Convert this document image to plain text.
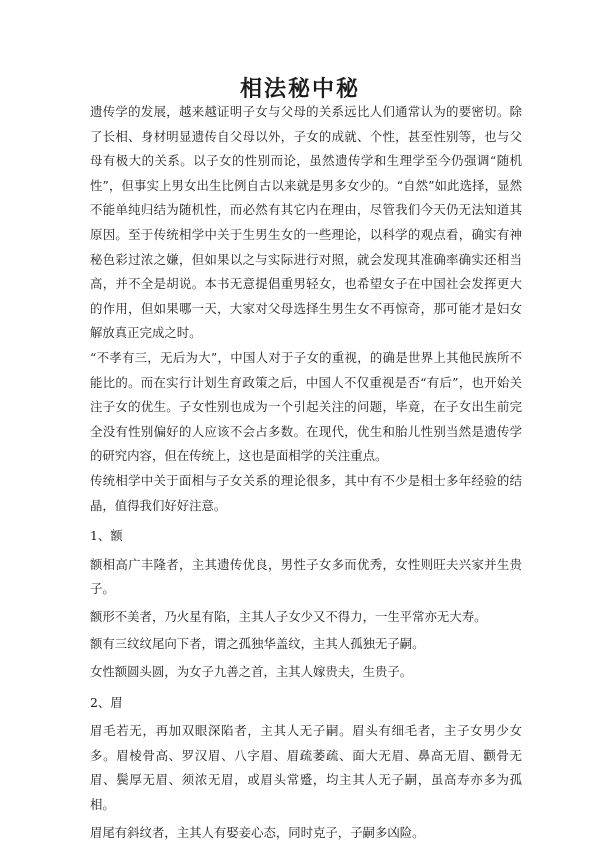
相法秘中秘

遗传学的发展，越来越证明子女与父母的关系远比人们通常认为的要密切。除了长相、身材明显遗传自父母以外，子女的成就、个性，甚至性别等，也与父母有极大的关系。以子女的性别而论，虽然遗传学和生理学至今仍强调“随机性”，但事实上男女出生比例自古以来就是男多女少的。“自然”如此选择，显然不能单纯归结为随机性，而必然有其它内在理由，尽管我们今天仍无法知道其原因。至于传统相学中关于生男生女的一些理论，以科学的观点看，确实有神秘色彩过浓之嫌，但如果以之与实际进行对照，就会发现其准确率确实还相当高，并不全是胡说。本书无意提倡重男轻女，也希望女子在中国社会发挥更大的作用，但如果哪一天，大家对父母选择生男生女不再惊奇，那可能才是妇女解放真正完成之时。

“不孝有三，无后为大”，中国人对于子女的重视，的确是世界上其他民族所不能比的。而在实行计划生育政策之后，中国人不仅重视是否“有后”，也开始关注子女的优生。子女性别也成为一个引起关注的问题，毕竟，在子女出生前完全没有性别偏好的人应该不会占多数。在现代，优生和胎儿性别当然是遗传学的研究内容，但在传统上，这也是面相学的关注重点。

传统相学中关于面相与子女关系的理论很多，其中有不少是相士多年经验的结晶，值得我们好好注意。

1、额

额相高广丰隆者，主其遗传优良，男性子女多而优秀，女性则旺夫兴家并生贵子。

额形不美者，乃火星有陷，主其人子女少又不得力，一生平常亦无大寿。

额有三纹纹尾向下者，谓之孤独华盖纹，主其人孤独无子嗣。

女性额圆头圆，为女子九善之首，主其人嫁贵夫，生贵子。

2、眉

眉毛若无，再加双眼深陷者，主其人无子嗣。眉头有细毛者，主子女男少女多。眉棱骨高、罗汉眉、八字眉、眉疏萎疏、面大无眉、鼻高无眉、颧骨无眉、鬓厚无眉、须浓无眉，或眉头常蹙，均主其人无子嗣，虽高寿亦多为孤相。

眉尾有斜纹者，主其人有娶妾心态，同时克子，子嗣多凶险。
